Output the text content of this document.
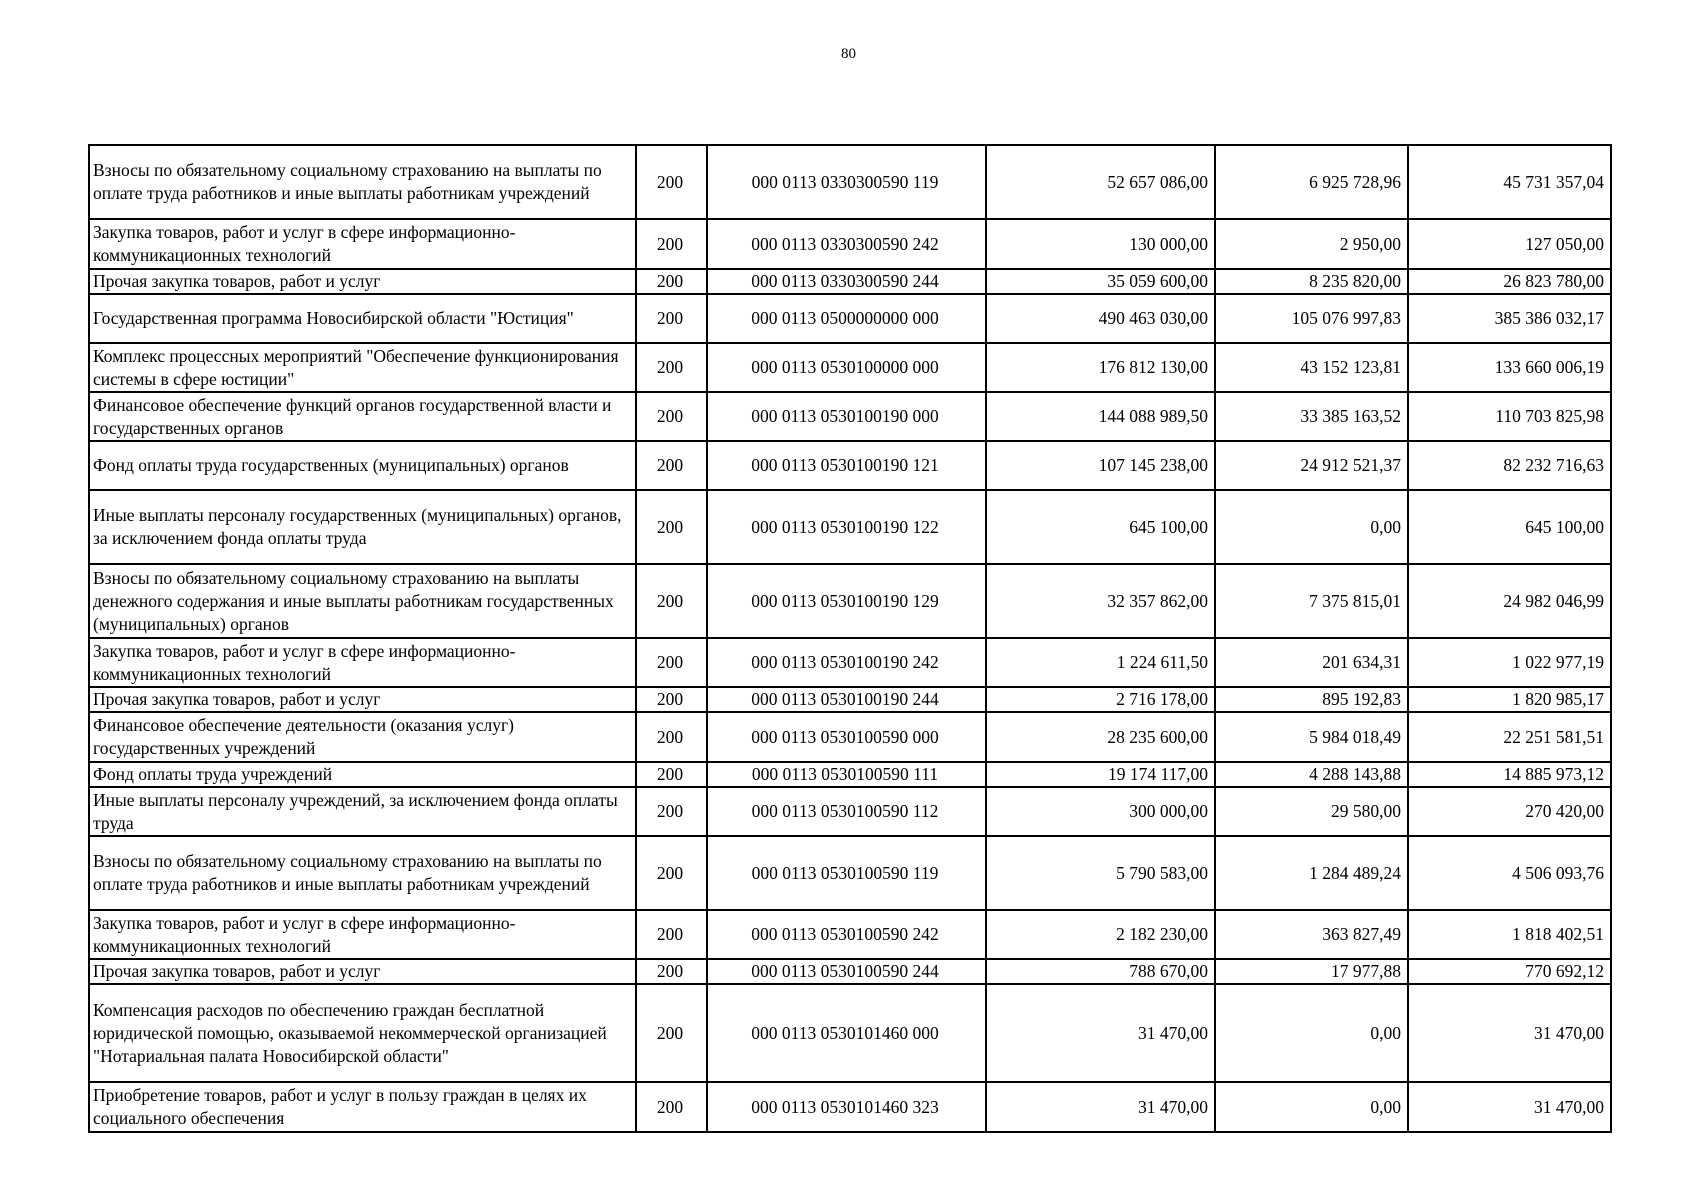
80
Взносы по обязательному социальному страхованию на выплаты по оплате труда работников и иные выплаты работникам учреждений	200	000 0113 0330300590 119	52 657 086,00	6 925 728,96	45 731 357,04
Закупка товаров, работ и услуг в сфере информационно-коммуникационных технологий	200	000 0113 0330300590 242	130 000,00	2 950,00	127 050,00
Прочая закупка товаров, работ и услуг	200	000 0113 0330300590 244	35 059 600,00	8 235 820,00	26 823 780,00
Государственная программа Новосибирской области "Юстиция"	200	000 0113 0500000000 000	490 463 030,00	105 076 997,83	385 386 032,17
Комплекс процессных мероприятий "Обеспечение функционирования системы в сфере юстиции"	200	000 0113 0530100000 000	176 812 130,00	43 152 123,81	133 660 006,19
Финансовое обеспечение функций органов государственной власти и государственных органов	200	000 0113 0530100190 000	144 088 989,50	33 385 163,52	110 703 825,98
Фонд оплаты труда государственных (муниципальных) органов	200	000 0113 0530100190 121	107 145 238,00	24 912 521,37	82 232 716,63
Иные выплаты персоналу государственных (муниципальных) органов, за исключением фонда оплаты труда	200	000 0113 0530100190 122	645 100,00	0,00	645 100,00
Взносы по обязательному социальному страхованию на выплаты денежного содержания и иные выплаты работникам государственных (муниципальных) органов	200	000 0113 0530100190 129	32 357 862,00	7 375 815,01	24 982 046,99
Закупка товаров, работ и услуг в сфере информационно-коммуникационных технологий	200	000 0113 0530100190 242	1 224 611,50	201 634,31	1 022 977,19
Прочая закупка товаров, работ и услуг	200	000 0113 0530100190 244	2 716 178,00	895 192,83	1 820 985,17
Финансовое обеспечение деятельности (оказания услуг) государственных учреждений	200	000 0113 0530100590 000	28 235 600,00	5 984 018,49	22 251 581,51
Фонд оплаты труда учреждений	200	000 0113 0530100590 111	19 174 117,00	4 288 143,88	14 885 973,12
Иные выплаты персоналу учреждений, за исключением фонда оплаты труда	200	000 0113 0530100590 112	300 000,00	29 580,00	270 420,00
Взносы по обязательному социальному страхованию на выплаты по оплате труда работников и иные выплаты работникам учреждений	200	000 0113 0530100590 119	5 790 583,00	1 284 489,24	4 506 093,76
Закупка товаров, работ и услуг в сфере информационно-коммуникационных технологий	200	000 0113 0530100590 242	2 182 230,00	363 827,49	1 818 402,51
Прочая закупка товаров, работ и услуг	200	000 0113 0530100590 244	788 670,00	17 977,88	770 692,12
Компенсация расходов по обеспечению граждан бесплатной юридической помощью, оказываемой некоммерческой организацией "Нотариальная палата Новосибирской области"	200	000 0113 0530101460 000	31 470,00	0,00	31 470,00
Приобретение товаров, работ и услуг в пользу граждан в целях их социального обеспечения	200	000 0113 0530101460 323	31 470,00	0,00	31 470,00
